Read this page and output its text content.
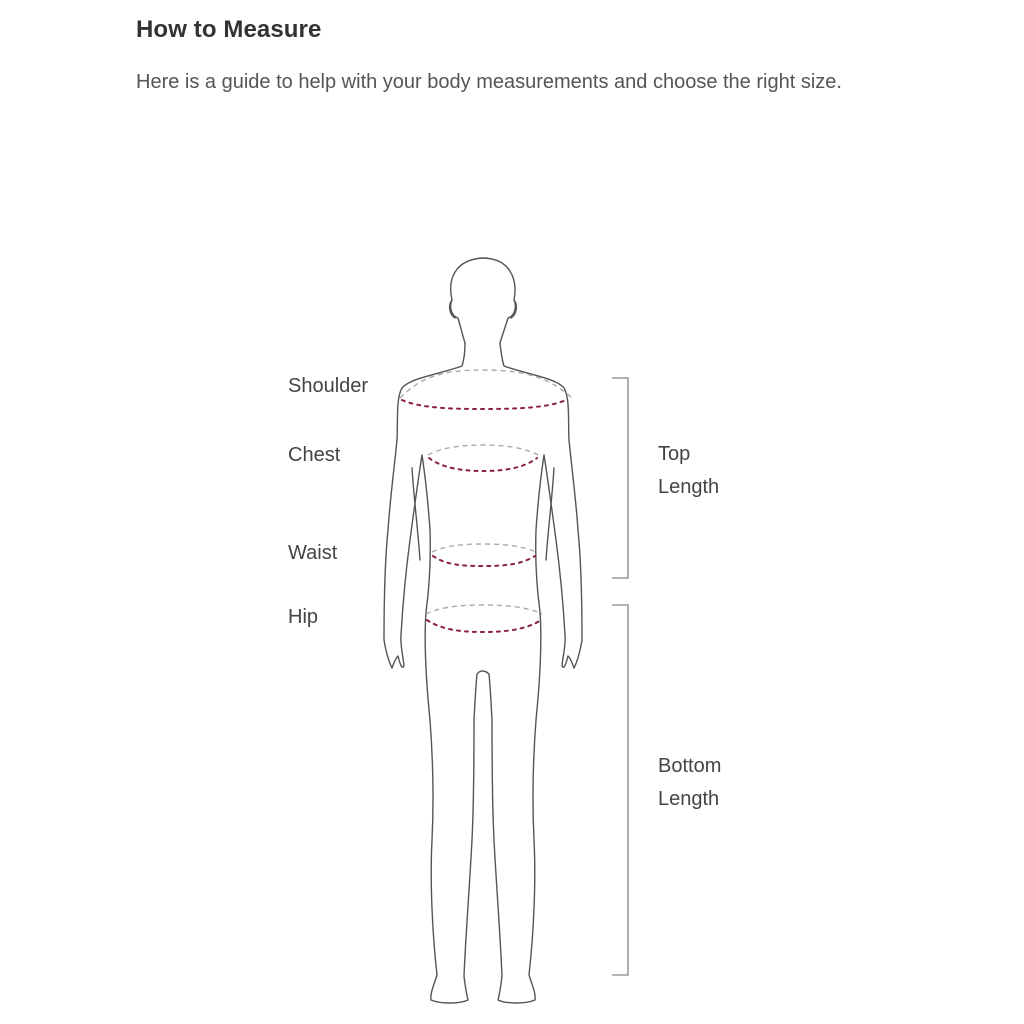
How to Measure

Here is a guide to help with your body measurements and choose the right size.

Shoulder
Chest
Waist
Hip
Top
Length
Bottom
Length
